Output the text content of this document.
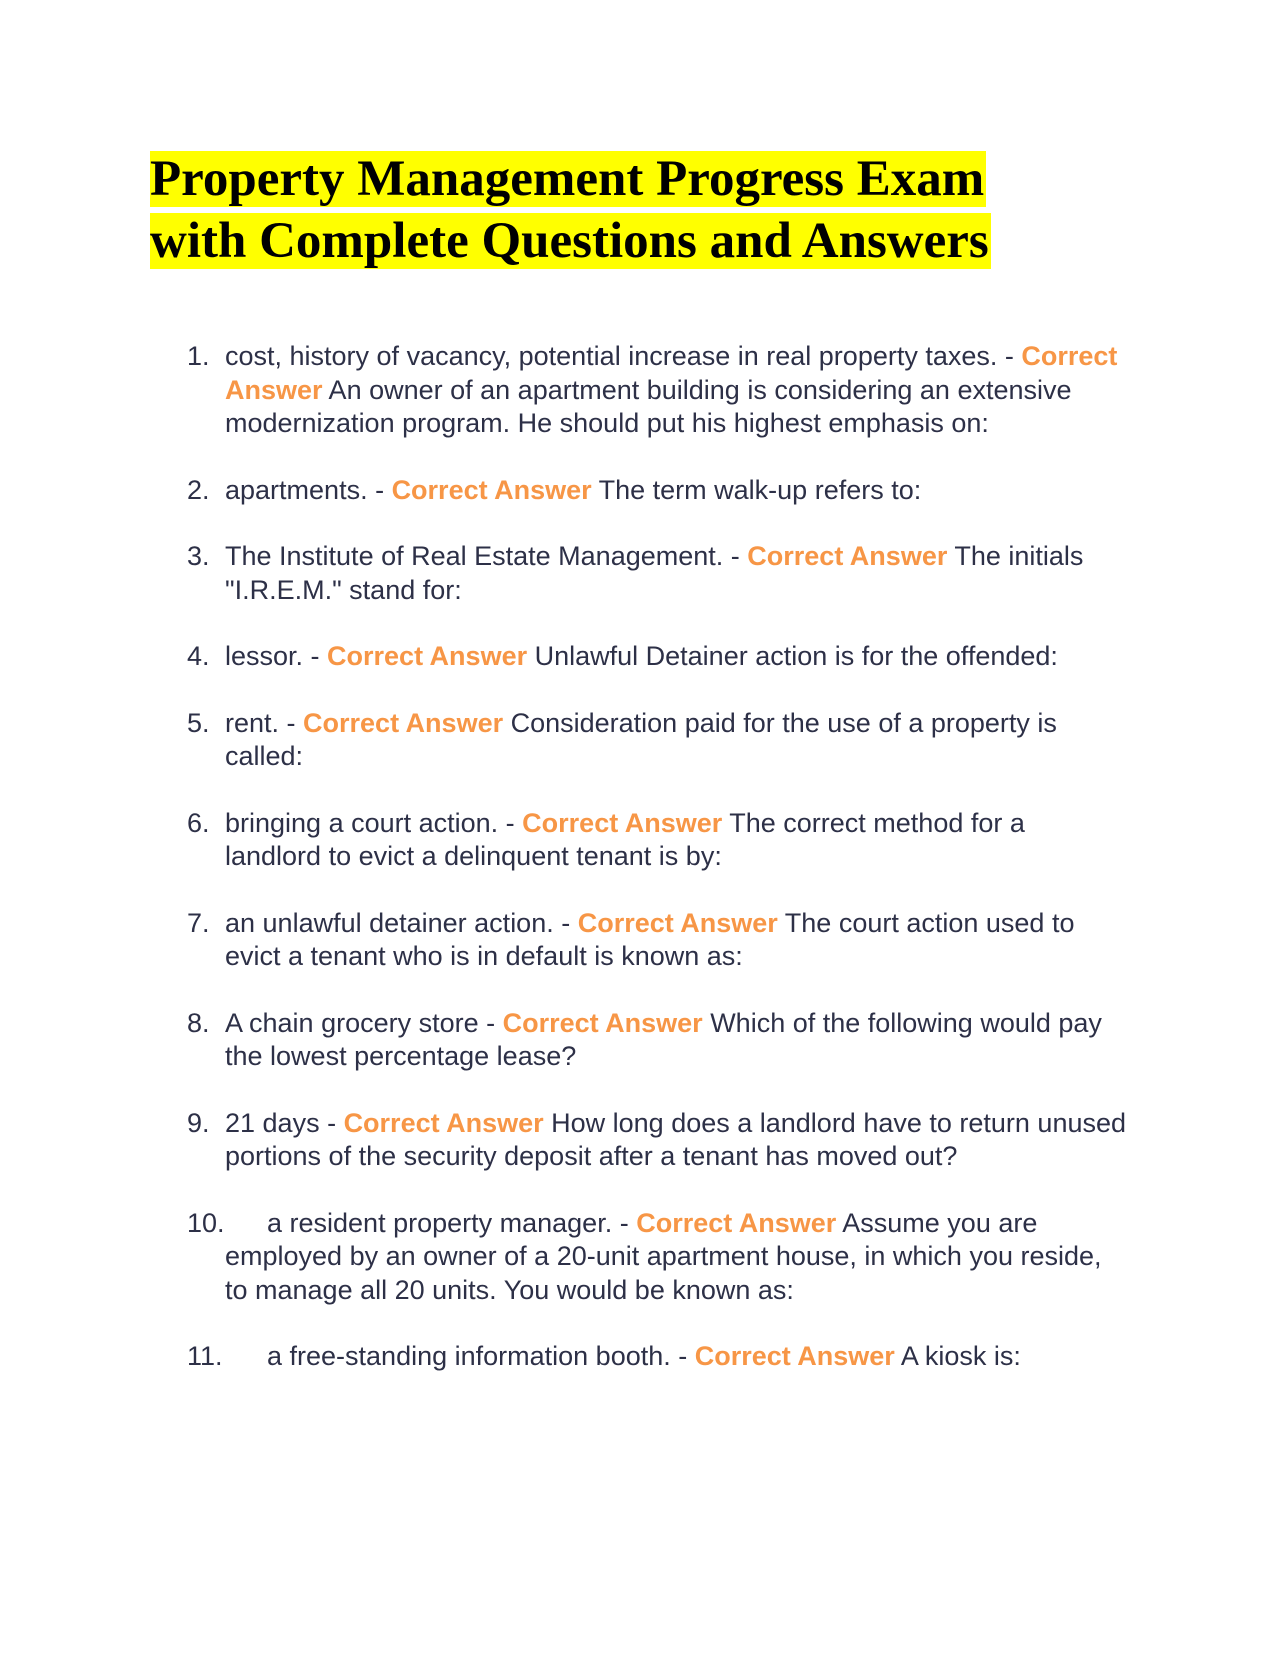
Property Management Progress Exam
with Complete Questions and Answers
1. cost, history of vacancy, potential increase in real property taxes. - Correct Answer An owner of an apartment building is considering an extensive modernization program. He should put his highest emphasis on:
2. apartments. - Correct Answer The term walk-up refers to:
3. The Institute of Real Estate Management. - Correct Answer The initials "I.R.E.M." stand for:
4. lessor. - Correct Answer Unlawful Detainer action is for the offended:
5. rent. - Correct Answer Consideration paid for the use of a property is called:
6. bringing a court action. - Correct Answer The correct method for a landlord to evict a delinquent tenant is by:
7. an unlawful detainer action. - Correct Answer The court action used to evict a tenant who is in default is known as:
8. A chain grocery store - Correct Answer Which of the following would pay the lowest percentage lease?
9. 21 days - Correct Answer How long does a landlord have to return unused portions of the security deposit after a tenant has moved out?
10. a resident property manager. - Correct Answer Assume you are employed by an owner of a 20-unit apartment house, in which you reside, to manage all 20 units. You would be known as:
11. a free-standing information booth. - Correct Answer A kiosk is:
